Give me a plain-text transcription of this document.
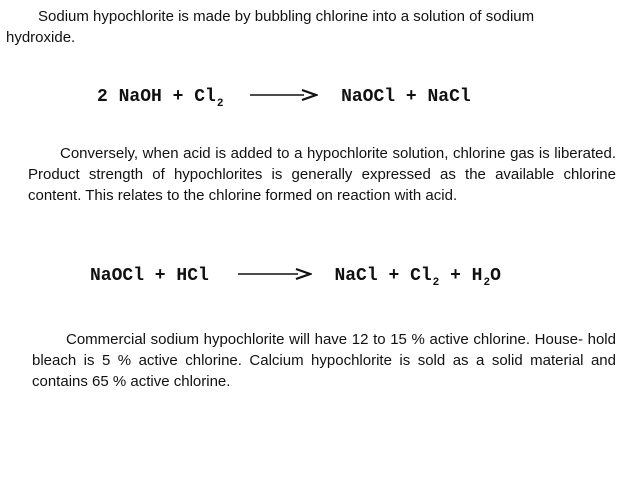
Sodium hypochlorite is made by bubbling chlorine into a solution of sodium hydroxide.

2 NaOH + $Cl_2$ → NaOCl + NaCl

Conversely, when acid is added to a hypochlorite solution, chlorine gas is liberated. Product strength of hypochlorites is generally expressed as the available chlorine content. This relates to the chlorine formed on reaction with acid.

NaOCl + HCl	NaCl + $Cl_2 + H_2O$

Commercial sodium hypochlorite will have 12 to 15 % active chlorine. House- hold bleach is 5 % active chlorine. Calcium hypochlorite is sold as a solid material and contains 65 % active chlorine.
